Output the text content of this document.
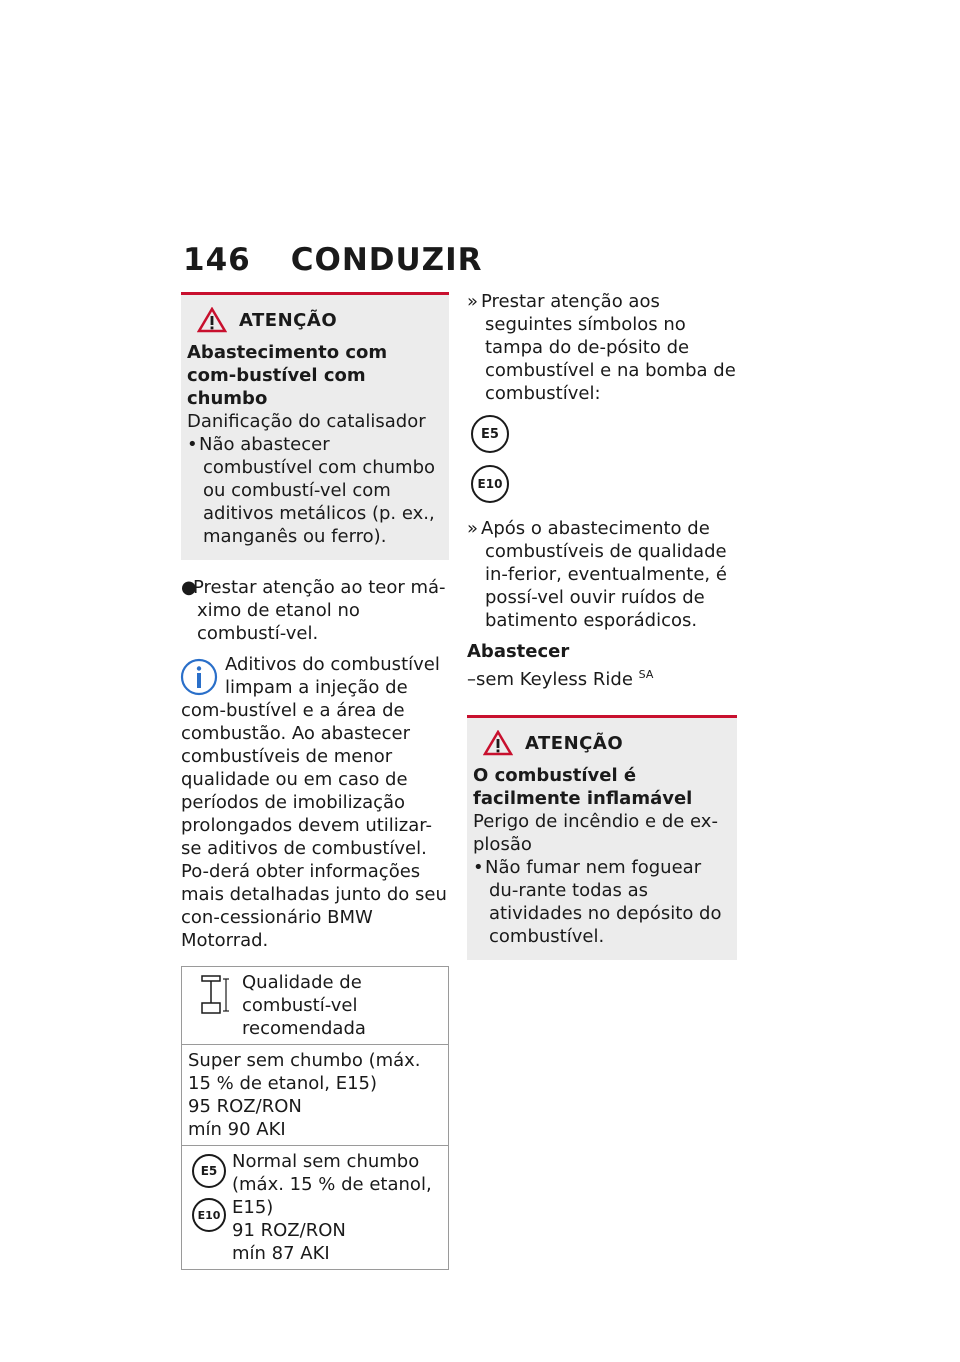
146 CONDUZIR
ATENÇÃO

Abastecimento com com-bustível com chumbo

Danificação do catalisador

•Não abastecer combustível com chumbo ou combustí-vel com aditivos metálicos (p. ex., manganês ou ferro).

●Prestar atenção ao teor má-ximo de etanol no combustí-vel.

Aditivos do combustível limpam a injeção de com-bustível e a área de combustão. Ao abastecer combustíveis de menor qualidade ou em caso de períodos de imobilização prolongados devem utilizar-se aditivos de combustível. Po-derá obter informações mais detalhadas junto do seu con-cessionário BMW Motorrad.

Qualidade de combustí-vel recomendada

Super sem chumbo (máx.
15 % de etanol, E15)
95 ROZ/RON
mín 90 AKI

E5
E10
Normal sem chumbo
(máx. 15 % de etanol,
E15)
91 ROZ/RON
mín 87 AKI

» Prestar atenção aos seguintes símbolos no tampa do de-pósito de combustível e na bomba de combustível:

E5
E10

» Após o abastecimento de combustíveis de qualidade in-ferior, eventualmente, é possí-vel ouvir ruídos de batimento esporádicos.

Abastecer

–sem Keyless Ride $^{SA}$

ATENÇÃO

O combustível é facilmente inflamável

Perigo de incêndio e de ex-plosão

•Não fumar nem foguear du-rante todas as atividades no depósito do combustível.
